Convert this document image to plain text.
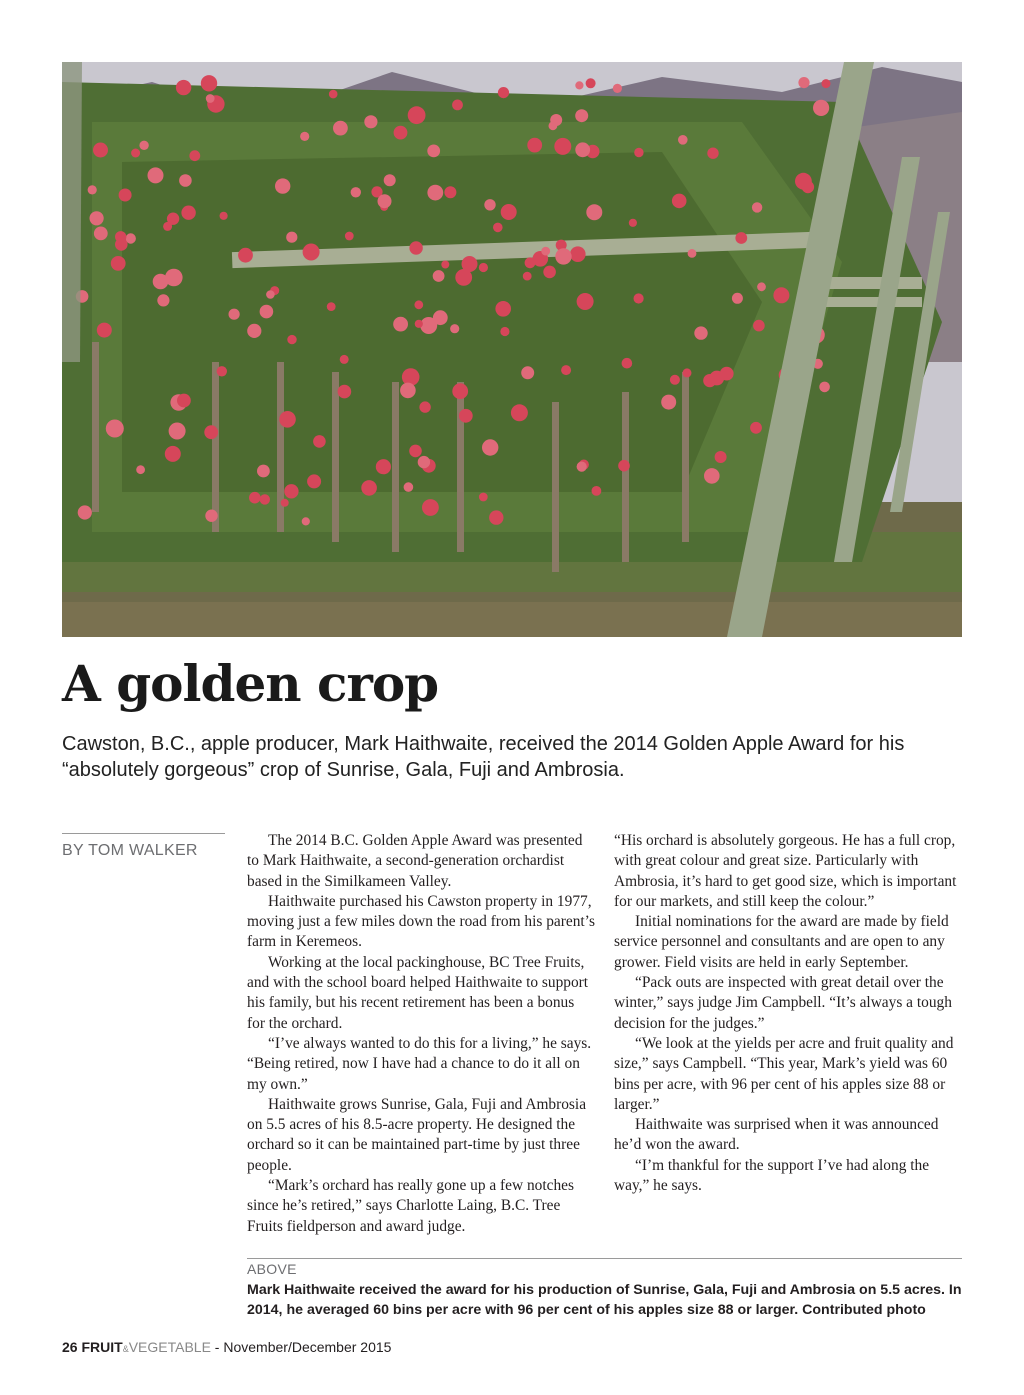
A golden crop

Cawston, B.C., apple producer, Mark Haithwaite, received the 2014 Golden Apple Award for his “absolutely gorgeous” crop of Sunrise, Gala, Fuji and Ambrosia.

BY TOM WALKER

The 2014 B.C. Golden Apple Award was presented to Mark Haithwaite, a second-generation orchardist based in the Similkameen Valley.

Haithwaite purchased his Cawston property in 1977, moving just a few miles down the road from his parent’s farm in Keremeos.

Working at the local packinghouse, BC Tree Fruits, and with the school board helped Haithwaite to support his family, but his recent retirement has been a bonus for the orchard.

“I’ve always wanted to do this for a living,” he says. “Being retired, now I have had a chance to do it all on my own.”

Haithwaite grows Sunrise, Gala, Fuji and Ambrosia on 5.5 acres of his 8.5-acre property. He designed the orchard so it can be maintained part-time by just three people.

“Mark’s orchard has really gone up a few notches since he’s retired,” says Charlotte Laing, B.C. Tree Fruits fieldperson and award judge.

“His orchard is absolutely gorgeous. He has a full crop, with great colour and great size. Particularly with Ambrosia, it’s hard to get good size, which is important for our markets, and still keep the colour.”

Initial nominations for the award are made by field service personnel and consultants and are open to any grower. Field visits are held in early September.

“Pack outs are inspected with great detail over the winter,” says judge Jim Campbell. “It’s always a tough decision for the judges.”

“We look at the yields per acre and fruit quality and size,” says Campbell. “This year, Mark’s yield was 60 bins per acre, with 96 per cent of his apples size 88 or larger.”

Haithwaite was surprised when it was announced he’d won the award.

“I’m thankful for the support I’ve had along the way,” he says.

ABOVE
Mark Haithwaite received the award for his production of Sunrise, Gala, Fuji and Ambrosia on 5.5 acres. In 2014, he averaged 60 bins per acre with 96 per cent of his apples size 88 or larger. Contributed photo
26 FRUIT&VEGETABLE - November/December 2015
